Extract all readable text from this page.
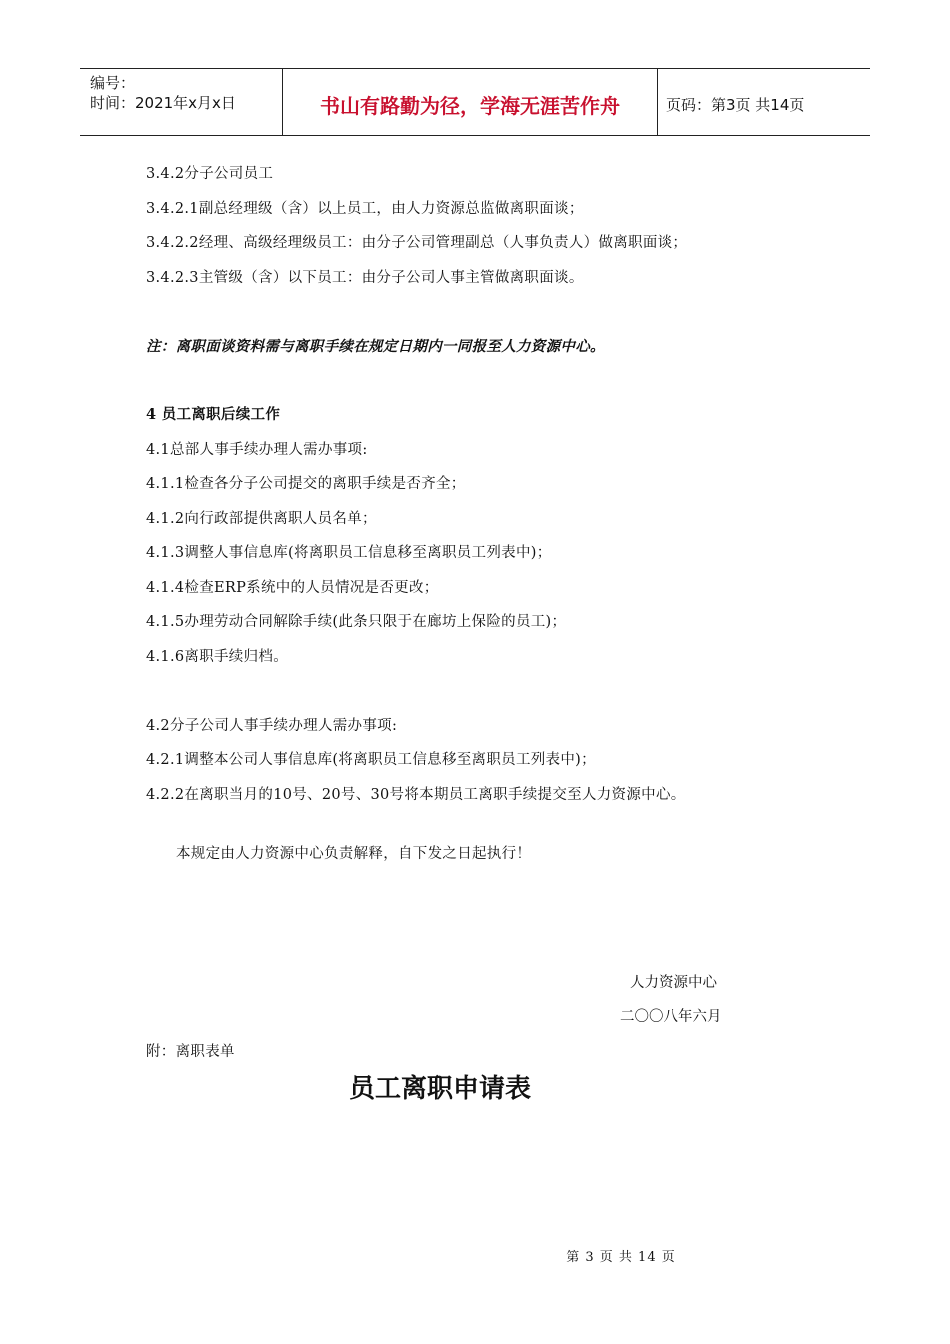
编号：
时间：2021年x月x日	书山有路勤为径，学海无涯苦作舟	页码：第3页 共14页
3.4.2分子公司员工
3.4.2.1副总经理级（含）以上员工，由人力资源总监做离职面谈；
3.4.2.2经理、高级经理级员工：由分子公司管理副总（人事负责人）做离职面谈；
3.4.2.3主管级（含）以下员工：由分子公司人事主管做离职面谈。
注：离职面谈资料需与离职手续在规定日期内一同报至人力资源中心。
4 员工离职后续工作
4.1总部人事手续办理人需办事项:
4.1.1检查各分子公司提交的离职手续是否齐全；
4.1.2向行政部提供离职人员名单；
4.1.3调整人事信息库(将离职员工信息移至离职员工列表中)；
4.1.4检查ERP系统中的人员情况是否更改；
4.1.5办理劳动合同解除手续(此条只限于在廊坊上保险的员工)；
4.1.6离职手续归档。
4.2分子公司人事手续办理人需办事项:
4.2.1调整本公司人事信息库(将离职员工信息移至离职员工列表中)；
4.2.2在离职当月的10号、20号、30号将本期员工离职手续提交至人力资源中心。
本规定由人力资源中心负责解释，自下发之日起执行！
人力资源中心
二〇〇八年六月
附：离职表单
员工离职申请表
第 3 页 共 14 页
